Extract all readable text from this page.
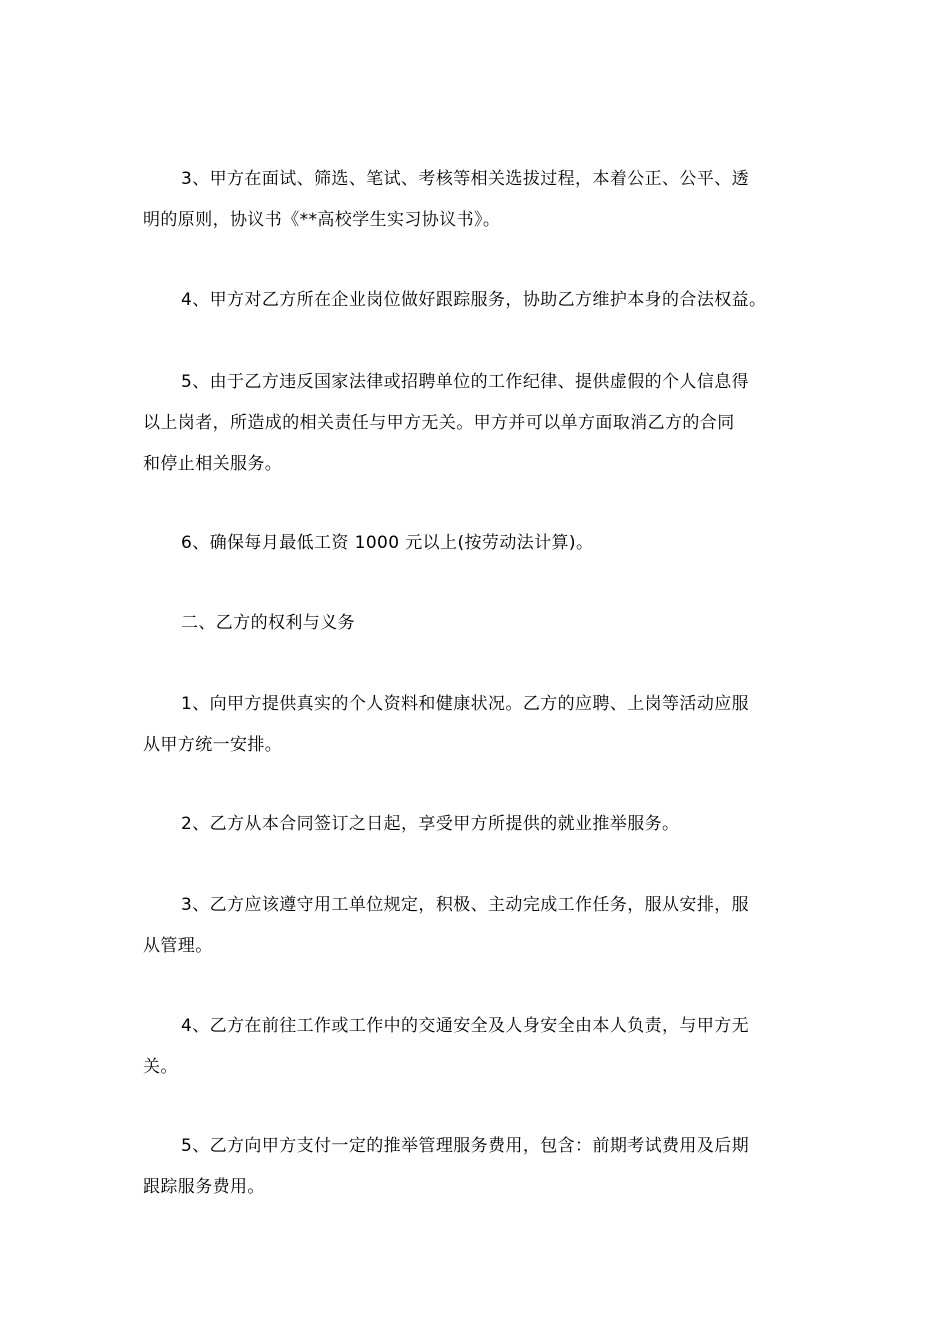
3、甲方在面试、筛选、笔试、考核等相关选拔过程，本着公正、公平、透
明的原则，协议书《**高校学生实习协议书》。

4、甲方对乙方所在企业岗位做好跟踪服务，协助乙方维护本身的合法权益。

5、由于乙方违反国家法律或招聘单位的工作纪律、提供虚假的个人信息得
以上岗者，所造成的相关责任与甲方无关。甲方并可以单方面取消乙方的合同
和停止相关服务。

6、确保每月最低工资 1000 元以上(按劳动法计算)。

二、乙方的权利与义务

1、向甲方提供真实的个人资料和健康状况。乙方的应聘、上岗等活动应服
从甲方统一安排。

2、乙方从本合同签订之日起，享受甲方所提供的就业推举服务。

3、乙方应该遵守用工单位规定，积极、主动完成工作任务，服从安排，服
从管理。

4、乙方在前往工作或工作中的交通安全及人身安全由本人负责，与甲方无
关。

5、乙方向甲方支付一定的推举管理服务费用，包含：前期考试费用及后期
跟踪服务费用。
